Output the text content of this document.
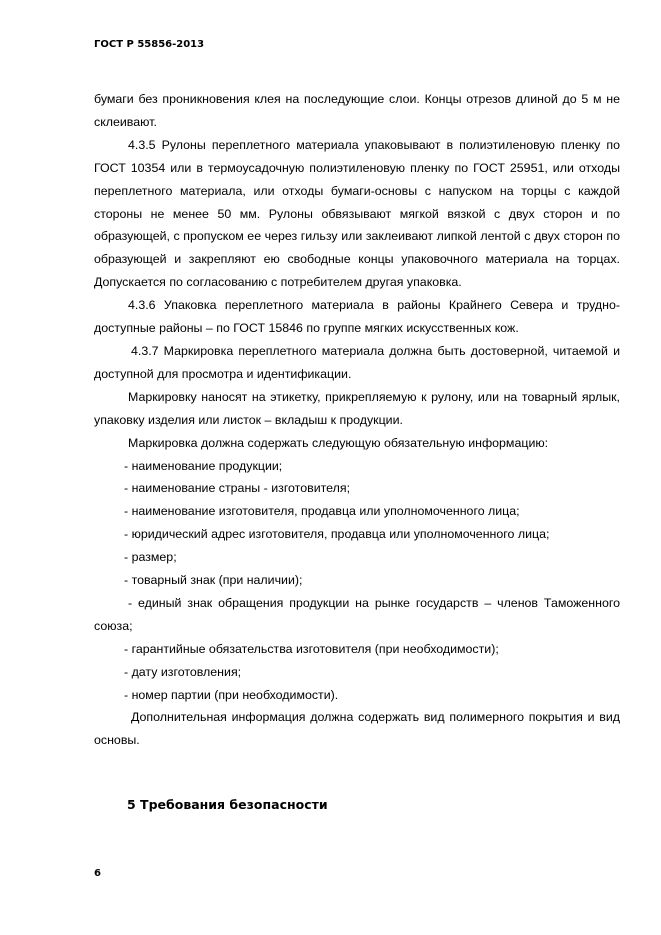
ГОСТ Р 55856-2013

бумаги без проникновения клея на последующие слои. Концы отрезов длиной до 5 м не склеивают.

4.3.5 Рулоны переплетного материала упаковывают в полиэтиленовую пленку по ГОСТ 10354 или в термоусадочную полиэтиленовую пленку по ГОСТ 25951, или отходы переплетного материала, или отходы бумаги-основы с напуском на торцы с каждой стороны не менее 50 мм. Рулоны обвязывают мягкой вязкой с двух сторон и по образующей, с пропуском ее через гильзу или заклеивают липкой лентой с двух сторон по образующей и закрепляют ею свободные концы упаковочного материала на торцах. Допускается по согласованию с потребителем другая упаковка.

4.3.6 Упаковка переплетного материала в районы Крайнего Севера и трудно-доступные районы – по ГОСТ 15846 по группе мягких искусственных кож.

4.3.7 Маркировка переплетного материала должна быть достоверной, читаемой и доступной для просмотра и идентификации.

Маркировку наносят на этикетку, прикрепляемую к рулону, или на товарный ярлык, упаковку изделия или листок – вкладыш к продукции.

Маркировка должна содержать следующую обязательную информацию:

- наименование продукции;

- наименование страны - изготовителя;

- наименование изготовителя, продавца или уполномоченного лица;

- юридический адрес изготовителя, продавца или уполномоченного лица;

- размер;

- товарный знак (при наличии);

- единый знак обращения продукции на рынке государств – членов Таможенного союза;

- гарантийные обязательства изготовителя (при необходимости);

- дату изготовления;

- номер партии (при необходимости).

Дополнительная информация должна содержать вид полимерного покрытия и вид основы.

5 Требования безопасности
6
